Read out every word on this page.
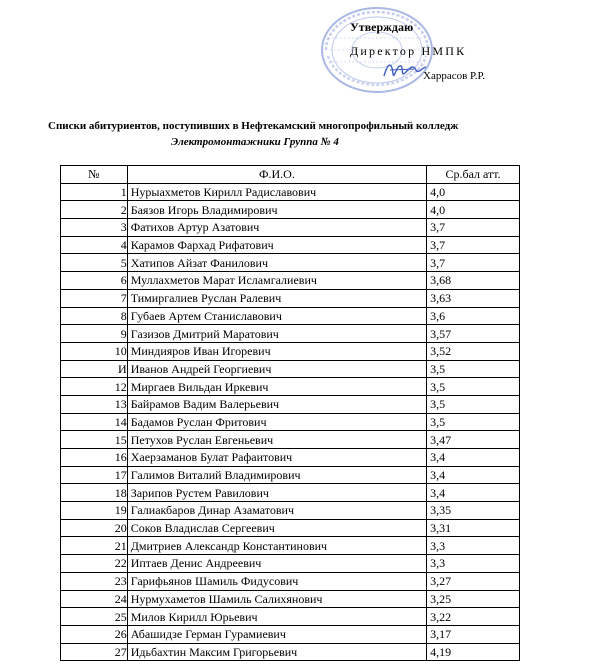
Утверждаю
Директор НМПК
Харрасов Р.Р.
Списки абитуриентов, поступивших в Нефтекамский многопрофильный колледж
Электромонтажники Группа № 4
№	Ф.И.О.	Ср.бал атт.
1	Нурыахметов Кирилл Радиславович	4,0
2	Баязов Игорь Владимирович	4,0
3	Фатихов Артур Азатович	3,7
4	Карамов Фархад Рифатович	3,7
5	Хатипов Айзат Фанилович	3,7
6	Муллахметов Марат Исламгалиевич	3,68
7	Тимиргалиев Руслан Ралевич	3,63
8	Губаев Артем Станиславович	3,6
9	Газизов Дмитрий Маратович	3,57
10	Миндияров Иван Игоревич	3,52
И	Иванов Андрей Георгиевич	3,5
12	Миргаев Вильдан Иркевич	3,5
13	Байрамов Вадим Валерьевич	3,5
14	Бадамов Руслан Фритович	3,5
15	Петухов Руслан Евгеньевич	3,47
16	Хаерзаманов Булат Рафаитович	3,4
17	Галимов Виталий Владимирович	3,4
18	Зарипов Рустем Равилович	3,4
19	Галиакбаров Динар Азаматович	3,35
20	Соков Владислав Сергеевич	3,31
21	Дмитриев Александр Константинович	3,3
22	Иптаев Денис Андреевич	3,3
23	Гарифьянов Шамиль Фидусович	3,27
24	Нурмухаметов Шамиль Салихянович	3,25
25	Милов Кирилл Юрьевич	3,22
26	Абашидзе Герман Гурамиевич	3,17
27	Идьбахтин Максим Григорьевич	4,19
